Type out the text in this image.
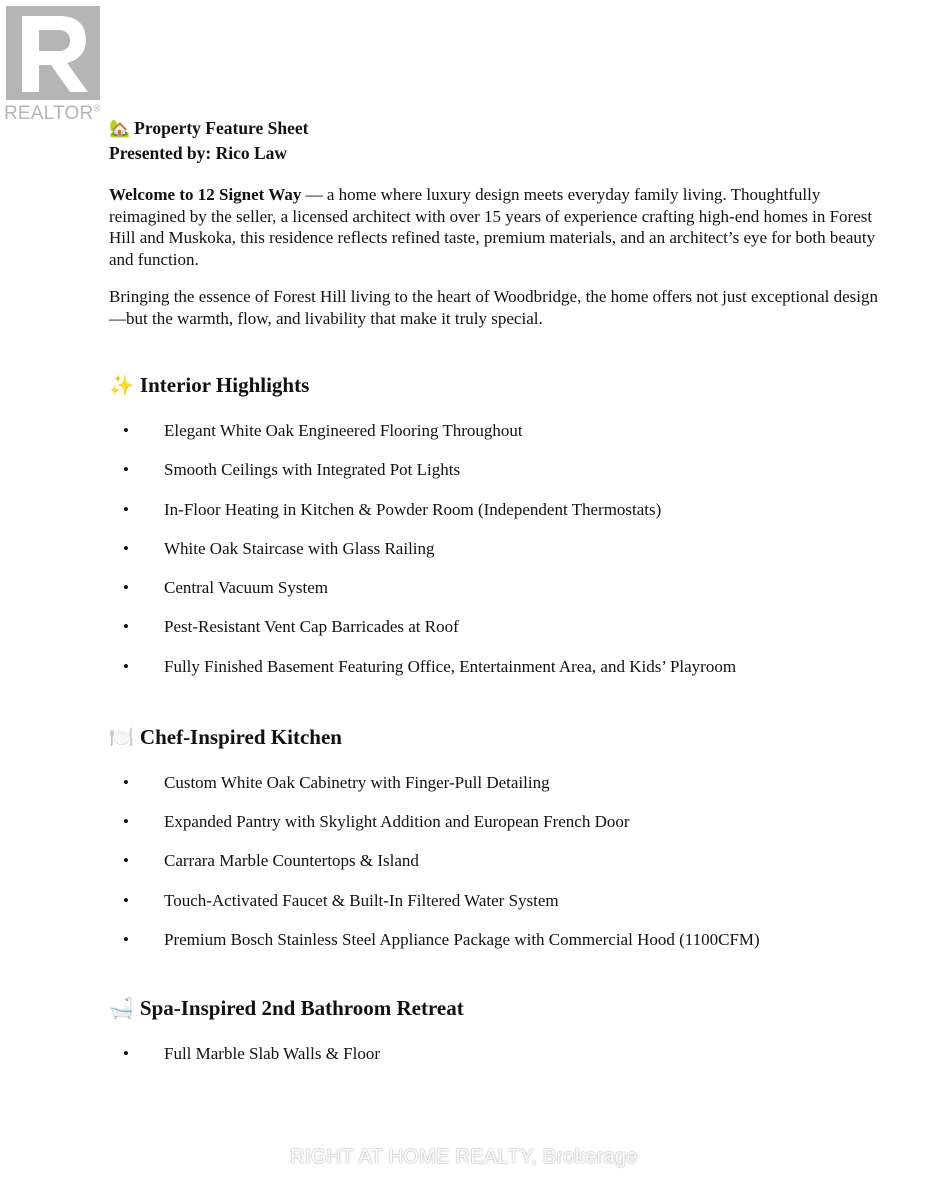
REALTOR®

🏡 Property Feature Sheet

Presented by: Rico Law

Welcome to 12 Signet Way — a home where luxury design meets everyday family living. Thoughtfully reimagined by the seller, a licensed architect with over 15 years of experience crafting high-end homes in Forest Hill and Muskoka, this residence reflects refined taste, premium materials, and an architect’s eye for both beauty and function.

Bringing the essence of Forest Hill living to the heart of Woodbridge, the home offers not just exceptional design—but the warmth, flow, and livability that make it truly special.

✨ Interior Highlights
• Elegant White Oak Engineered Flooring Throughout
• Smooth Ceilings with Integrated Pot Lights
• In-Floor Heating in Kitchen & Powder Room (Independent Thermostats)
• White Oak Staircase with Glass Railing
• Central Vacuum System
• Pest-Resistant Vent Cap Barricades at Roof
• Fully Finished Basement Featuring Office, Entertainment Area, and Kids’ Playroom
🍽️ Chef-Inspired Kitchen
• Custom White Oak Cabinetry with Finger-Pull Detailing
• Expanded Pantry with Skylight Addition and European French Door
• Carrara Marble Countertops & Island
• Touch-Activated Faucet & Built-In Filtered Water System
• Premium Bosch Stainless Steel Appliance Package with Commercial Hood (1100CFM)
🛁 Spa-Inspired 2nd Bathroom Retreat
• Full Marble Slab Walls & Floor
RIGHT AT HOME REALTY, Brokerage
